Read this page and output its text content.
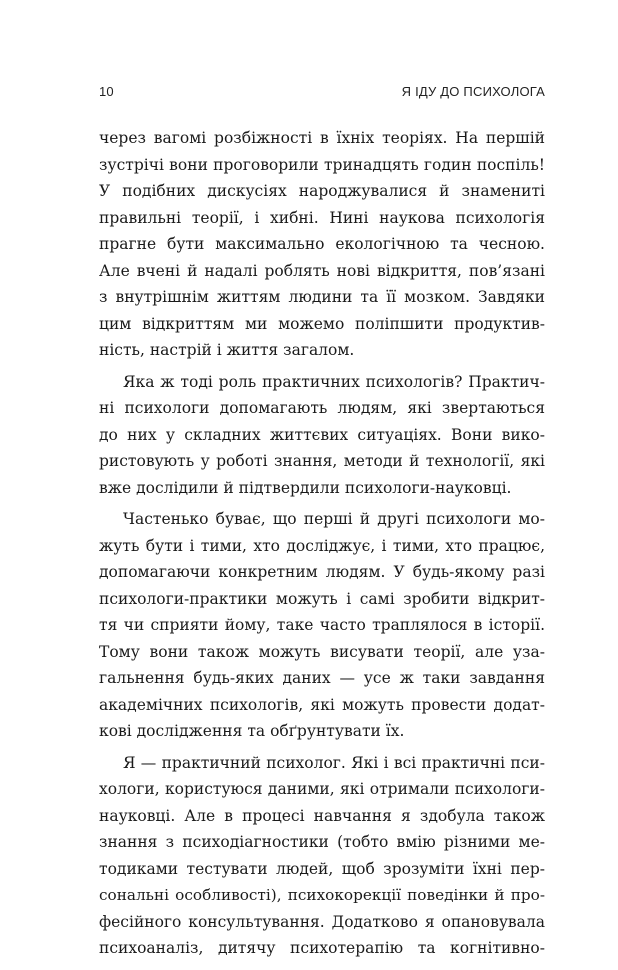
10	Я ІДУ ДО ПСИХОЛОГА
через вагомі розбіжності в їхніх теоріях. На першій
зустрічі вони проговорили тринадцять годин поспіль!
У подібних дискусіях народжувалися й знамениті
правильні теорії, і хибні. Нині наукова психологія
прагне бути максимально екологічною та чесною.
Але вчені й надалі роблять нові відкриття, пов’язані
з внутрішнім життям людини та її мозком. Завдяки
цим відкриттям ми можемо поліпшити продуктив-
ність, настрій і життя загалом.
Яка ж тоді роль практичних психологів? Практич-
ні психологи допомагають людям, які звертаються
до них у складних життєвих ситуаціях. Вони вико-
ристовують у роботі знання, методи й технології, які
вже дослідили й підтвердили психологи-науковці.
Частенько буває, що перші й другі психологи мо-
жуть бути і тими, хто досліджує, і тими, хто працює,
допомагаючи конкретним людям. У будь-якому разі
психологи-практики можуть і самі зробити відкрит-
тя чи сприяти йому, таке часто траплялося в історії.
Тому вони також можуть висувати теорії, але уза-
гальнення будь-яких даних — усе ж таки завдання
академічних психологів, які можуть провести додат-
кові дослідження та обґрунтувати їх.
Я — практичний психолог. Які і всі практичні пси-
хологи, користуюся даними, які отримали психологи-
науковці. Але в процесі навчання я здобула також
знання з психодіагностики (тобто вмію різними ме-
тодиками тестувати людей, щоб зрозуміти їхні пер-
сональні особливості), психокорекції поведінки й про-
фесійного консультування. Додатково я опановувала
психоаналіз, дитячу психотерапію та когнітивно-
